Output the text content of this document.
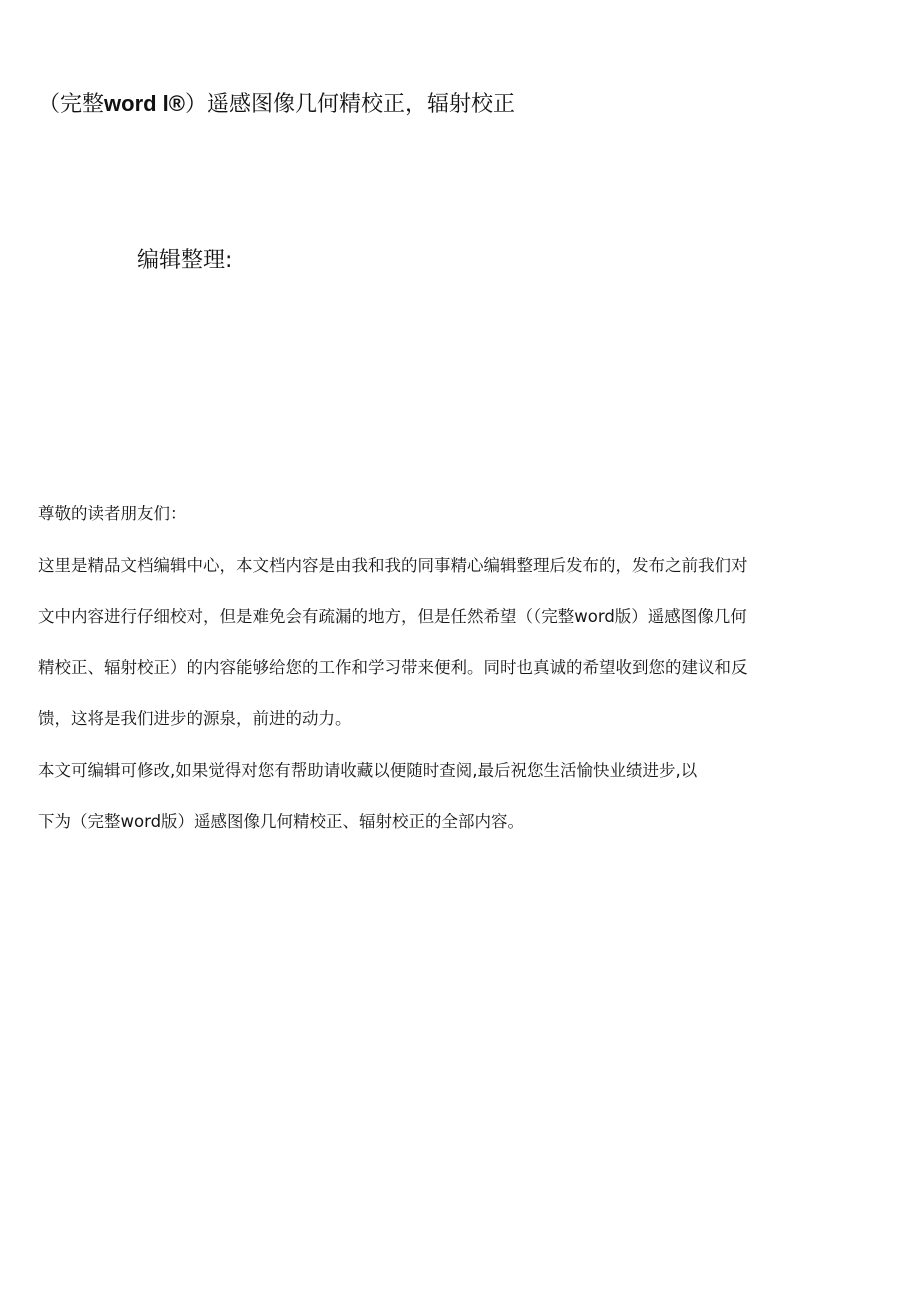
（完整word l®）遥感图像几何精校正，辐射校正
编辑整理:
尊敬的读者朋友们：
这里是精品文档编辑中心，本文档内容是由我和我的同事精心编辑整理后发布的，发布之前我们对
文中内容进行仔细校对，但是难免会有疏漏的地方，但是任然希望（（完整word版）遥感图像几何
精校正、辐射校正）的内容能够给您的工作和学习带来便利。同时也真诚的希望收到您的建议和反
馈，这将是我们进步的源泉，前进的动力。
本文可编辑可修改,如果觉得对您有帮助请收藏以便随时查阅,最后祝您生活愉快业绩进步,以
下为（完整word版）遥感图像几何精校正、辐射校正的全部内容。
